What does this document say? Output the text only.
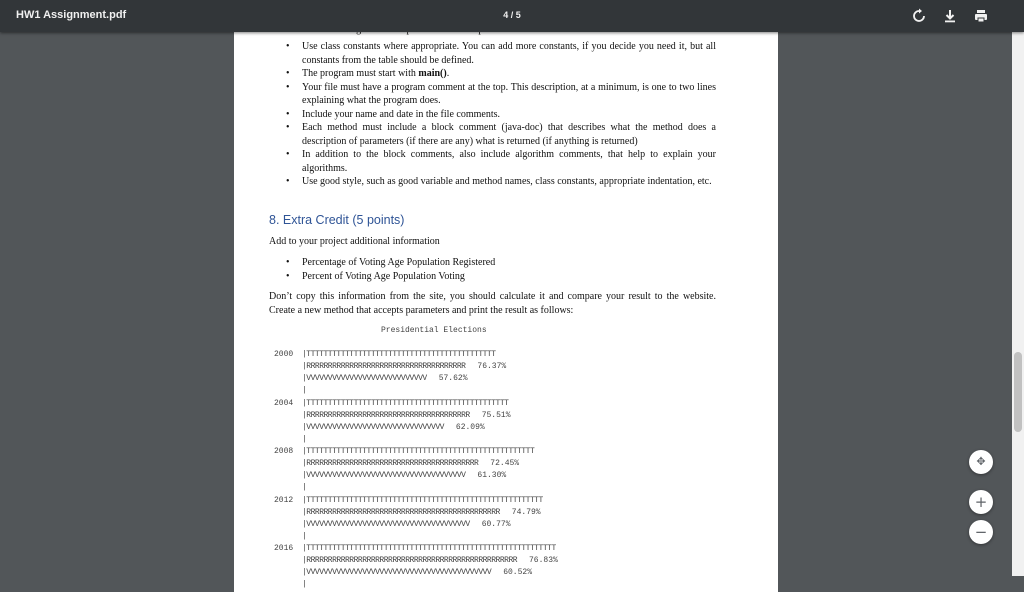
HW1 Assignment.pdf	4 / 5
•
• Use class constants where appropriate. You can add more constants, if you decide you need it, but all constants from the table should be defined.
• The program must start with main().
• Your file must have a program comment at the top. This description, at a minimum, is one to two lines explaining what the program does.
• Include your name and date in the file comments.
• Each method must include a block comment (java-doc) that describes what the method does a description of parameters (if there are any) what is returned (if anything is returned)
• In addition to the block comments, also include algorithm comments, that help to explain your algorithms.
• Use good style, such as good variable and method names, class constants, appropriate indentation, etc.
8. Extra Credit (5 points)
Add to your project additional information
• Percentage of Voting Age Population Registered
• Percent of Voting Age Population Voting
Don’t copy this information from the site, you should calculate it and compare your result to the website. Create a new method that accepts parameters and print the result as follows:
Presidential Elections
2000 |TTTTTTTTTTTTTTTTTTTTTTTTTTTTTTTTTTTTTTTTTTTT
|RRRRRRRRRRRRRRRRRRRRRRRRRRRRRRRRRRRRR
|VVVVVVVVVVVVVVVVVVVVVVVVVVVV
76.37%
57.62%
|
2004 |TTTTTTTTTTTTTTTTTTTTTTTTTTTTTTTTTTTTTTTTTTTTTTT
|RRRRRRRRRRRRRRRRRRRRRRRRRRRRRRRRRRRRRR
|VVVVVVVVVVVVVVVVVVVVVVVVVVVVVVVV
75.51%
62.09%
|
2008 |TTTTTTTTTTTTTTTTTTTTTTTTTTTTTTTTTTTTTTTTTTTTTTTTTTTTT
|RRRRRRRRRRRRRRRRRRRRRRRRRRRRRRRRRRRRRRRR
|VVVVVVVVVVVVVVVVVVVVVVVVVVVVVVVVVVVVV
72.45%
61.30%
|
2012 |TTTTTTTTTTTTTTTTTTTTTTTTTTTTTTTTTTTTTTTTTTTTTTTTTTTTTTT
|RRRRRRRRRRRRRRRRRRRRRRRRRRRRRRRRRRRRRRRRRRRRR
|VVVVVVVVVVVVVVVVVVVVVVVVVVVVVVVVVVVVVV
74.79%
60.77%
|
2016 |TTTTTTTTTTTTTTTTTTTTTTTTTTTTTTTTTTTTTTTTTTTTTTTTTTTTTTTTTT
|RRRRRRRRRRRRRRRRRRRRRRRRRRRRRRRRRRRRRRRRRRRRRRRRR
|VVVVVVVVVVVVVVVVVVVVVVVVVVVVVVVVVVVVVVVVVVV
76.83%
60.52%
|
✥
+
−
